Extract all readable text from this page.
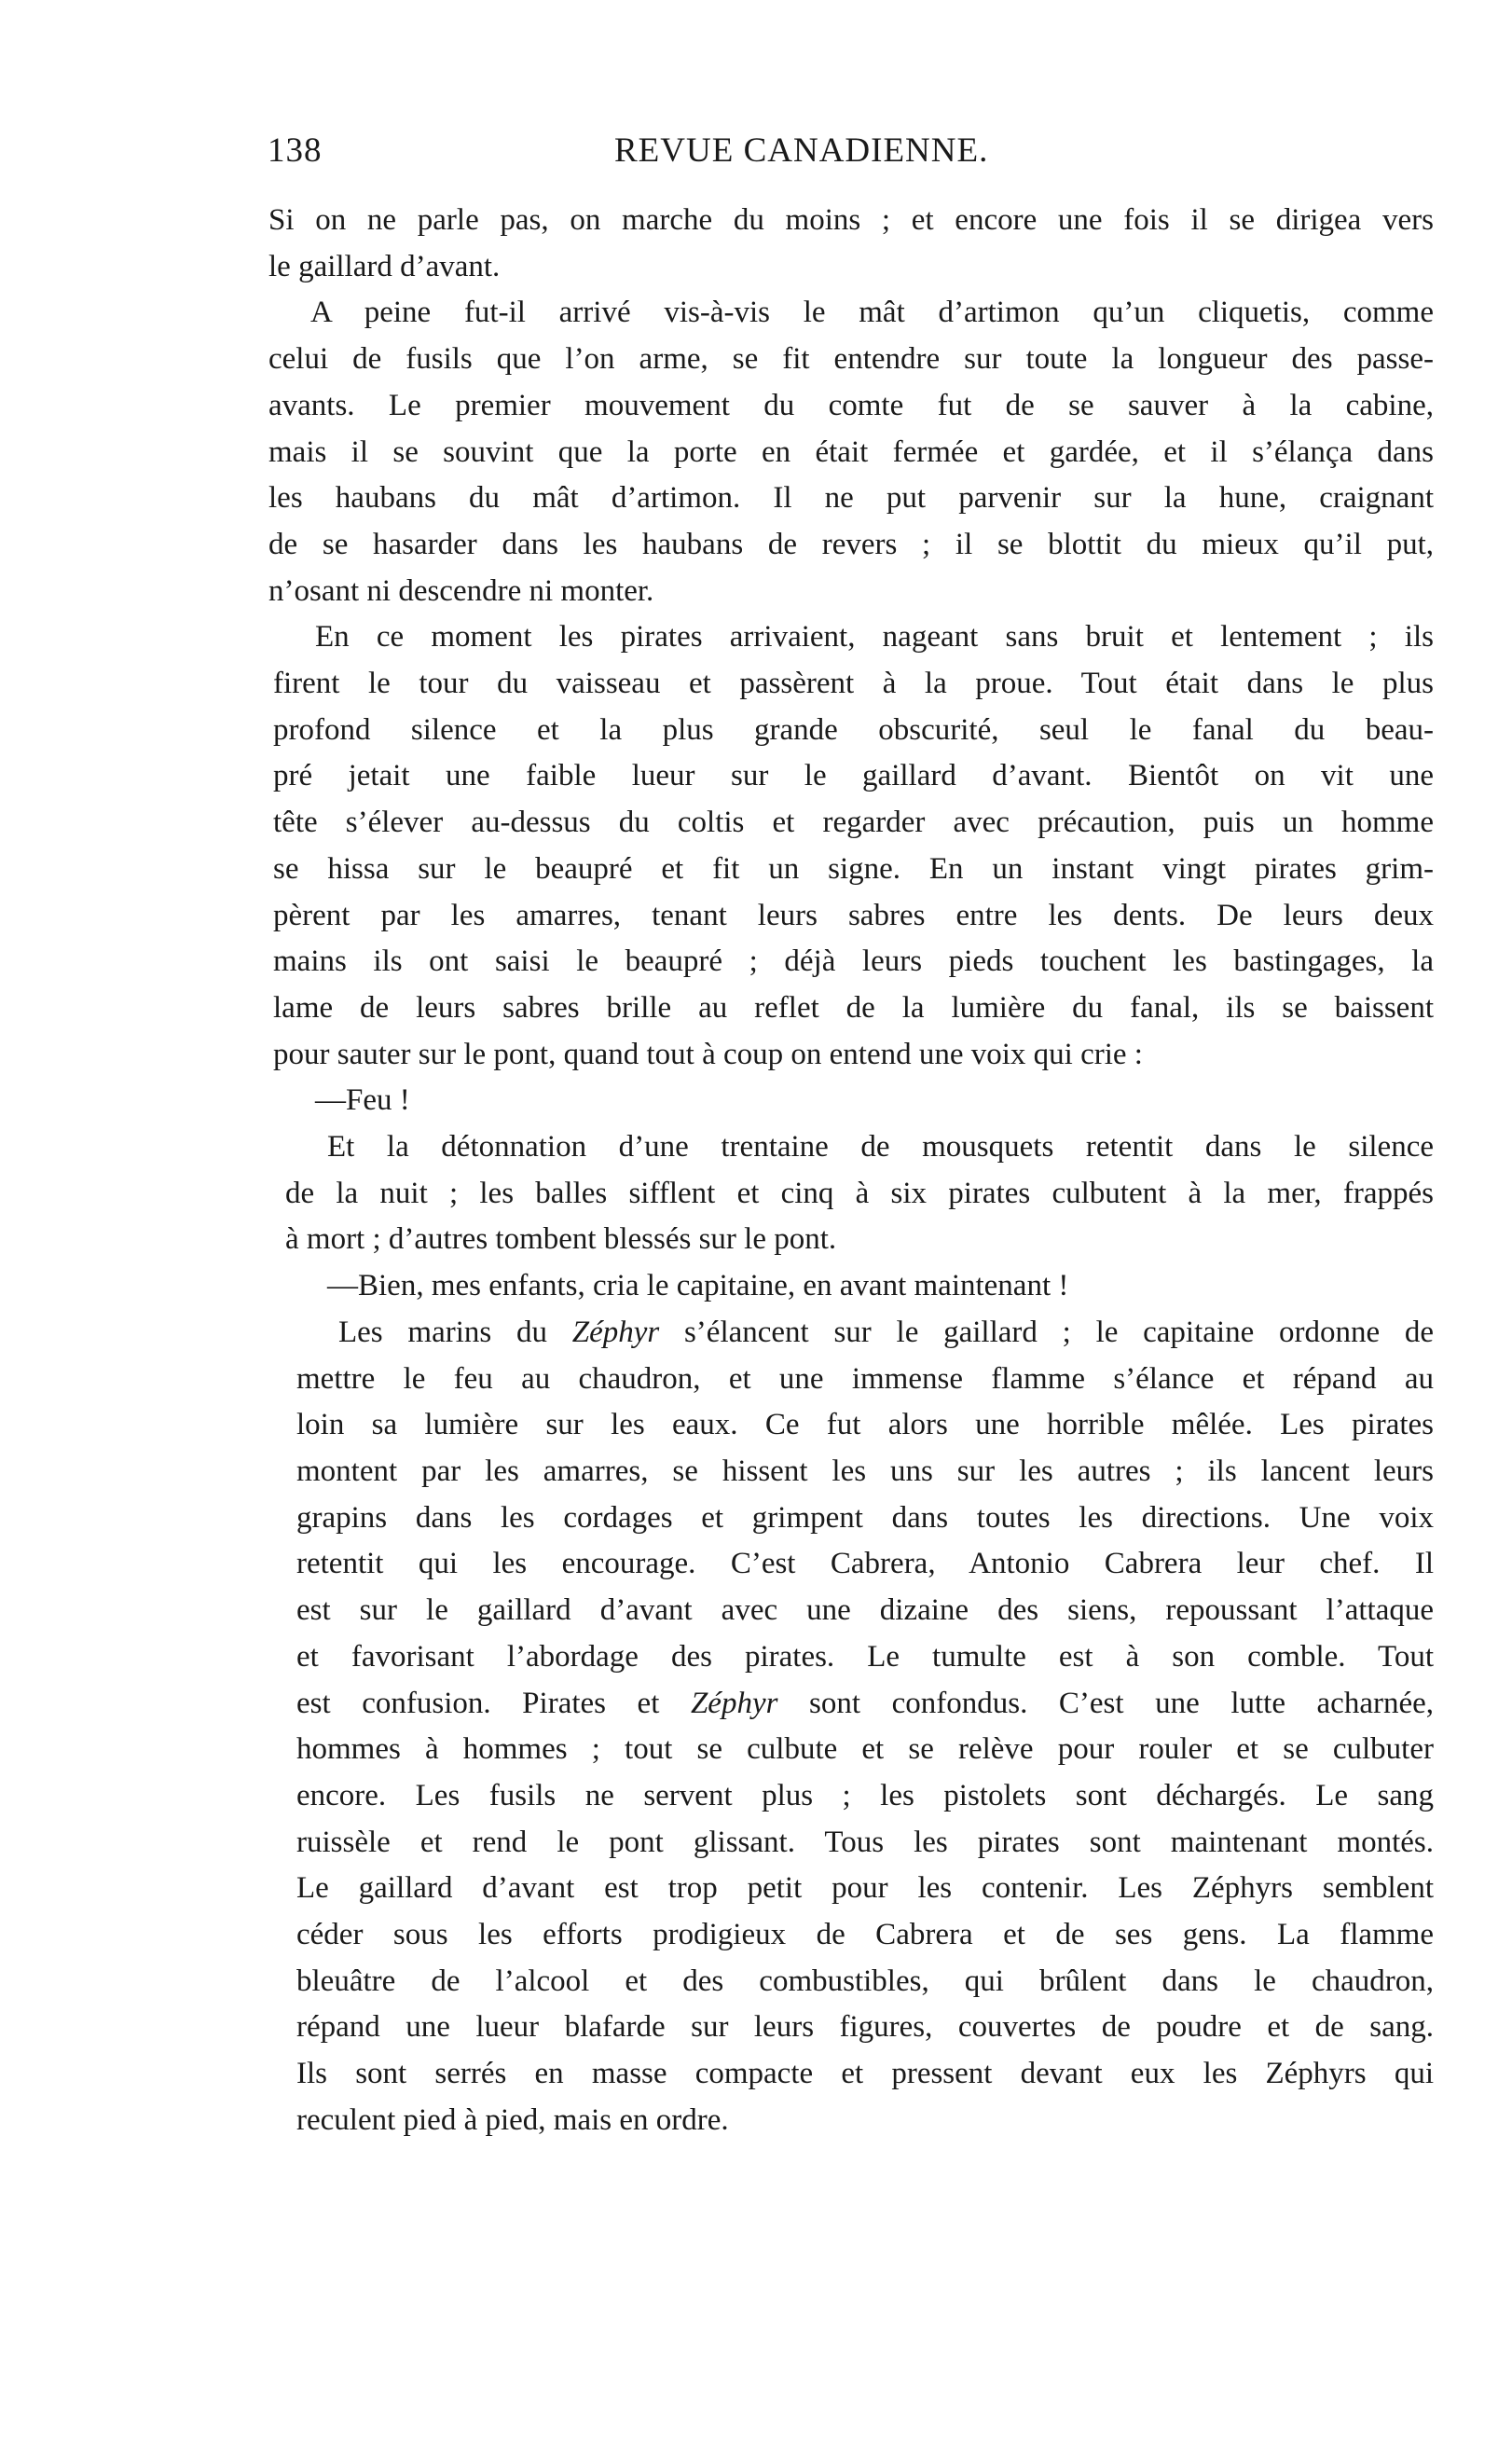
138	REVUE CANADIENNE.

Si on ne parle pas, on marche du moins ; et encore une fois il se dirigea vers
le gaillard d’avant.

A peine fut-il arrivé vis-à-vis le mât d’artimon qu’un cliquetis, comme
celui de fusils que l’on arme, se fit entendre sur toute la longueur des passe-
avants. Le premier mouvement du comte fut de se sauver à la cabine,
mais il se souvint que la porte en était fermée et gardée, et il s’élança dans
les haubans du mât d’artimon. Il ne put parvenir sur la hune, craignant
de se hasarder dans les haubans de revers ; il se blottit du mieux qu’il put,
n’osant ni descendre ni monter.

En ce moment les pirates arrivaient, nageant sans bruit et lentement ; ils
firent le tour du vaisseau et passèrent à la proue. Tout était dans le plus
profond silence et la plus grande obscurité, seul le fanal du beau-
pré jetait une faible lueur sur le gaillard d’avant. Bientôt on vit une
tête s’élever au-dessus du coltis et regarder avec précaution, puis un homme
se hissa sur le beaupré et fit un signe. En un instant vingt pirates grim-
pèrent par les amarres, tenant leurs sabres entre les dents. De leurs deux
mains ils ont saisi le beaupré ; déjà leurs pieds touchent les bastingages, la
lame de leurs sabres brille au reflet de la lumière du fanal, ils se baissent
pour sauter sur le pont, quand tout à coup on entend une voix qui crie :

—Feu !

Et la détonnation d’une trentaine de mousquets retentit dans le silence
de la nuit ; les balles sifflent et cinq à six pirates culbutent à la mer, frappés
à mort ; d’autres tombent blessés sur le pont.

—Bien, mes enfants, cria le capitaine, en avant maintenant !

Les marins du Zéphyr s’élancent sur le gaillard ; le capitaine ordonne de
mettre le feu au chaudron, et une immense flamme s’élance et répand au
loin sa lumière sur les eaux. Ce fut alors une horrible mêlée. Les pirates
montent par les amarres, se hissent les uns sur les autres ; ils lancent leurs
grapins dans les cordages et grimpent dans toutes les directions. Une voix
retentit qui les encourage. C’est Cabrera, Antonio Cabrera leur chef. Il
est sur le gaillard d’avant avec une dizaine des siens, repoussant l’attaque
et favorisant l’abordage des pirates. Le tumulte est à son comble. Tout
est confusion. Pirates et Zéphyr sont confondus. C’est une lutte acharnée,
hommes à hommes ; tout se culbute et se relève pour rouler et se culbuter
encore. Les fusils ne servent plus ; les pistolets sont déchargés. Le sang
ruissèle et rend le pont glissant. Tous les pirates sont maintenant montés.
Le gaillard d’avant est trop petit pour les contenir. Les Zéphyrs semblent
céder sous les efforts prodigieux de Cabrera et de ses gens. La flamme
bleuâtre de l’alcool et des combustibles, qui brûlent dans le chaudron,
répand une lueur blafarde sur leurs figures, couvertes de poudre et de sang.
Ils sont serrés en masse compacte et pressent devant eux les Zéphyrs qui
reculent pied à pied, mais en ordre.
